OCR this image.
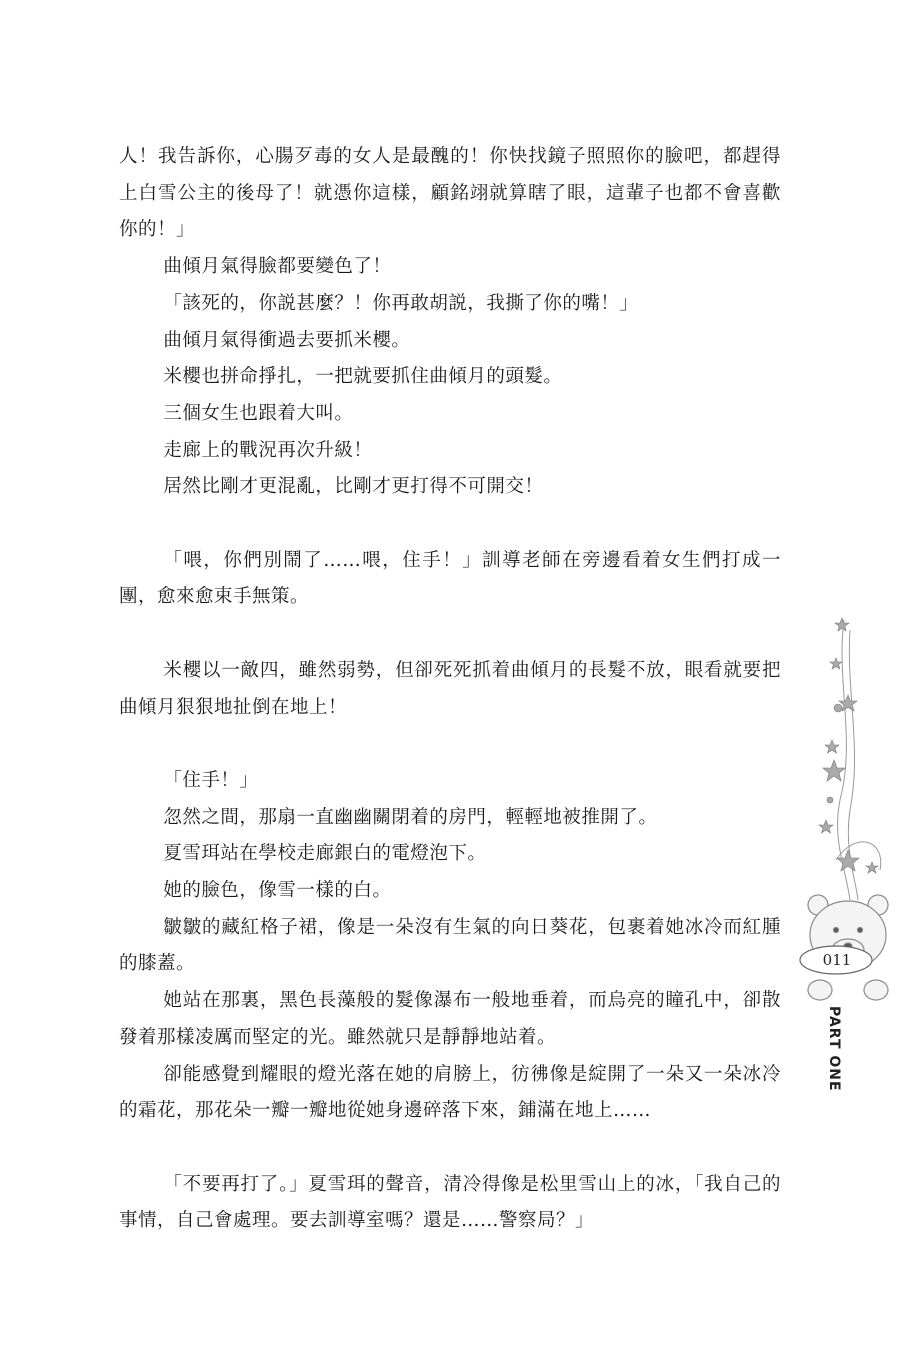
人！我告訴你，心腸歹毒的女人是最醜的！你快找鏡子照照你的臉吧，都趕得上白雪公主的後母了！就憑你這樣，顧銘翊就算瞎了眼，這輩子也都不會喜歡你的！」

曲傾月氣得臉都要變色了！

「該死的，你説甚麼？！你再敢胡説，我撕了你的嘴！」

曲傾月氣得衝過去要抓米櫻。

米櫻也拼命掙扎，一把就要抓住曲傾月的頭髮。

三個女生也跟着大叫。

走廊上的戰況再次升級！

居然比剛才更混亂，比剛才更打得不可開交！

「喂，你們別鬧了……喂，住手！」訓導老師在旁邊看着女生們打成一團，愈來愈束手無策。

米櫻以一敵四，雖然弱勢，但卻死死抓着曲傾月的長髮不放，眼看就要把曲傾月狠狠地扯倒在地上！

「住手！」

忽然之間，那扇一直幽幽關閉着的房門，輕輕地被推開了。

夏雪珥站在學校走廊銀白的電燈泡下。

她的臉色，像雪一樣的白。

皺皺的藏紅格子裙，像是一朵沒有生氣的向日葵花，包裹着她冰冷而紅腫的膝蓋。

她站在那裏，黑色長藻般的髮像瀑布一般地垂着，而烏亮的瞳孔中，卻散發着那樣凌厲而堅定的光。雖然就只是靜靜地站着。

卻能感覺到耀眼的燈光落在她的肩膀上，彷彿像是綻開了一朵又一朵冰冷的霜花，那花朵一瓣一瓣地從她身邊碎落下來，鋪滿在地上……

「不要再打了。」夏雪珥的聲音，清冷得像是松里雪山上的冰，「我自己的事情，自己會處理。要去訓導室嗎？還是……警察局？」

011
PART ONE
